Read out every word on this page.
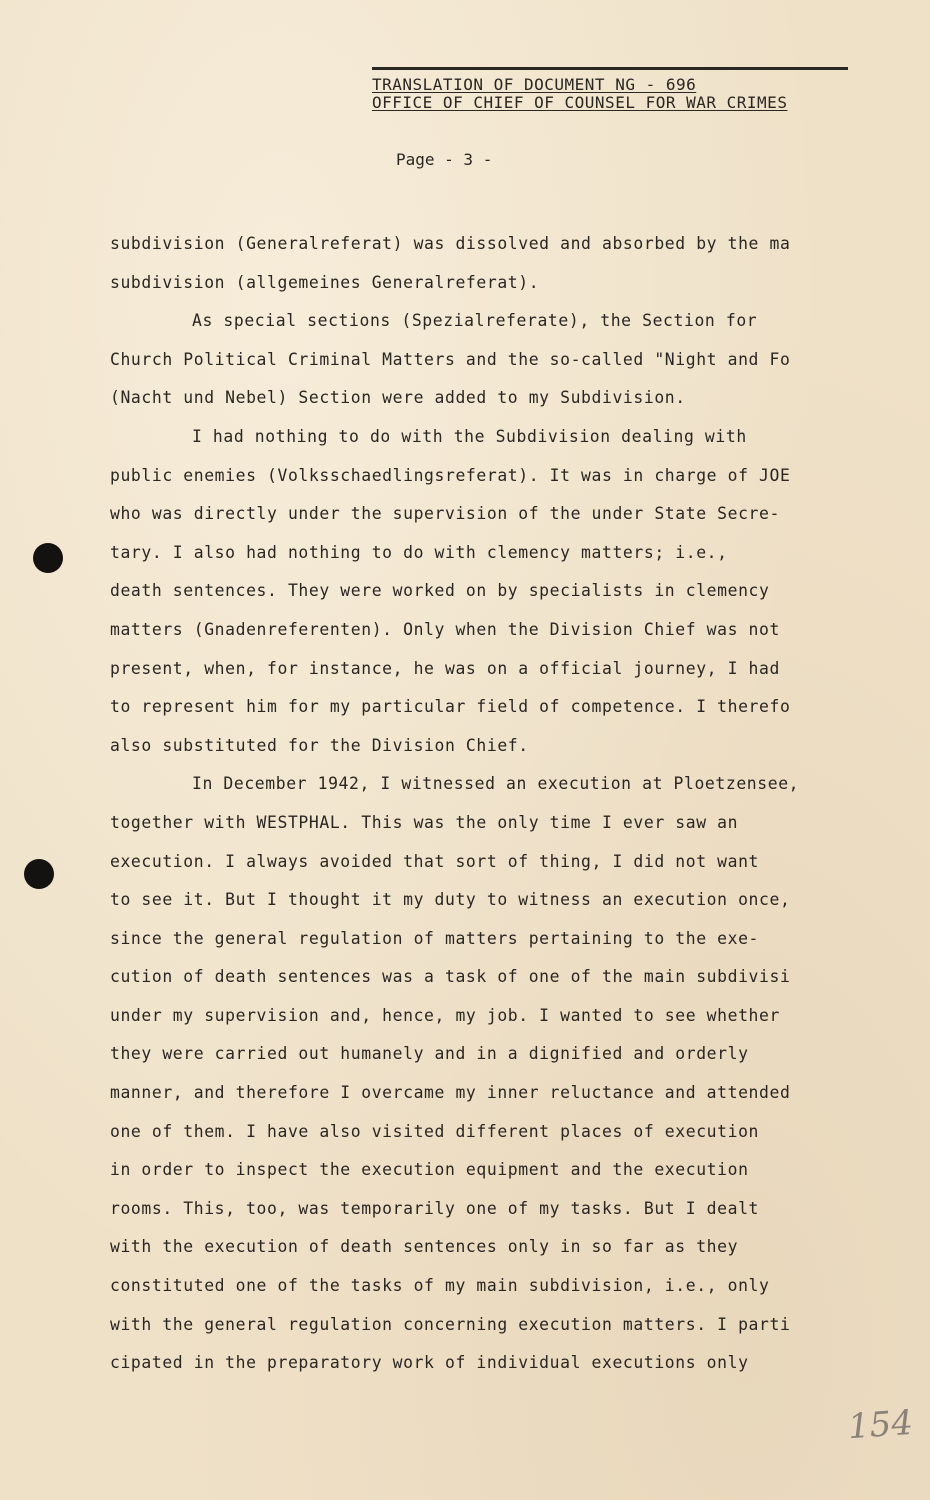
TRANSLATION OF DOCUMENT NG - 696
OFFICE OF CHIEF OF COUNSEL FOR WAR CRIMES
Page - 3 -
subdivision (Generalreferat) was dissolved and absorbed by the ma
subdivision (allgemeines Generalreferat).
As special sections (Spezialreferate), the Section for
Church Political Criminal Matters and the so-called "Night and Fo
(Nacht und Nebel) Section were added to my Subdivision.
I had nothing to do with the Subdivision dealing with
public enemies (Volksschaedlingsreferat). It was in charge of JOE
who was directly under the supervision of the under State Secre-
tary. I also had nothing to do with clemency matters; i.e.,
death sentences. They were worked on by specialists in clemency
matters (Gnadenreferenten). Only when the Division Chief was not
present, when, for instance, he was on a official journey, I had
to represent him for my particular field of competence. I therefo
also substituted for the Division Chief.
In December 1942, I witnessed an execution at Ploetzensee,
together with WESTPHAL. This was the only time I ever saw an
execution. I always avoided that sort of thing, I did not want
to see it. But I thought it my duty to witness an execution once,
since the general regulation of matters pertaining to the exe-
cution of death sentences was a task of one of the main subdivisi
under my supervision and, hence, my job. I wanted to see whether
they were carried out humanely and in a dignified and orderly
manner, and therefore I overcame my inner reluctance and attended
one of them. I have also visited different places of execution
in order to inspect the execution equipment and the execution
rooms. This, too, was temporarily one of my tasks. But I dealt
with the execution of death sentences only in so far as they
constituted one of the tasks of my main subdivision, i.e., only
with the general regulation concerning execution matters. I parti
cipated in the preparatory work of individual executions only
154
